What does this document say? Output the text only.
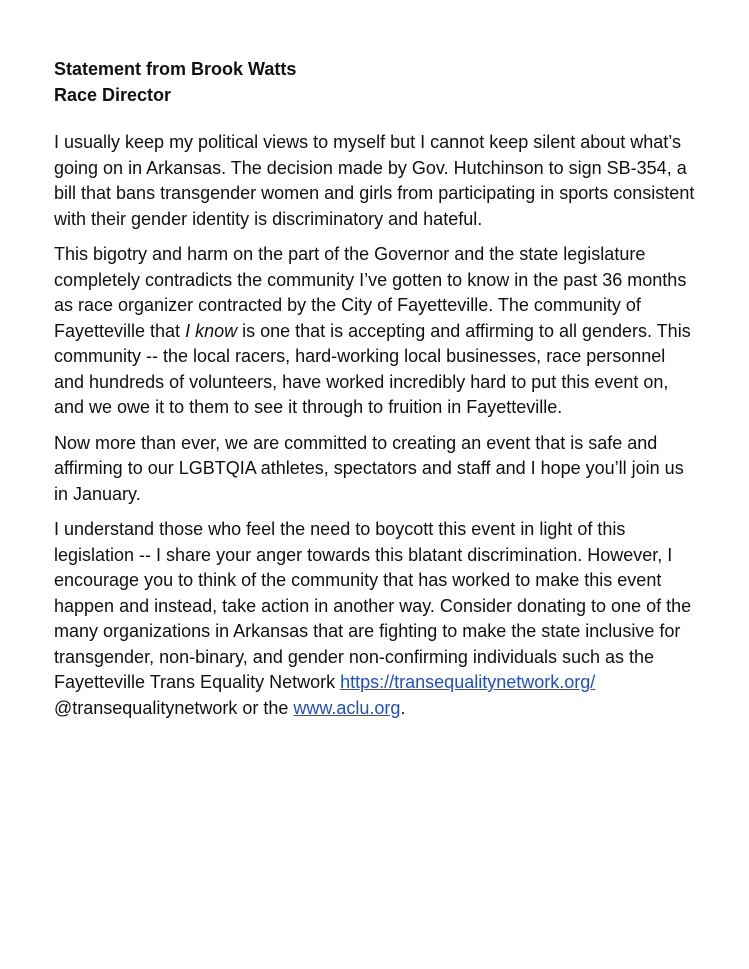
Statement from Brook Watts
Race Director

I usually keep my political views to myself but I cannot keep silent about what’s going on in Arkansas. The decision made by Gov. Hutchinson to sign SB-354, a bill that bans transgender women and girls from participating in sports consistent with their gender identity is discriminatory and hateful.

This bigotry and harm on the part of the Governor and the state legislature completely contradicts the community I’ve gotten to know in the past 36 months as race organizer contracted by the City of Fayetteville. The community of Fayetteville that I know is one that is accepting and affirming to all genders. This community -- the local racers, hard-working local businesses, race personnel and hundreds of volunteers, have worked incredibly hard to put this event on, and we owe it to them to see it through to fruition in Fayetteville.

Now more than ever, we are committed to creating an event that is safe and affirming to our LGBTQIA athletes, spectators and staff and I hope you’ll join us in January.

I understand those who feel the need to boycott this event in light of this legislation -- I share your anger towards this blatant discrimination. However, I encourage you to think of the community that has worked to make this event happen and instead, take action in another way. Consider donating to one of the many organizations in Arkansas that are fighting to make the state inclusive for transgender, non-binary, and gender non-confirming individuals such as the Fayetteville Trans Equality Network https://transequalitynetwork.org/ @transequalitynetwork or the www.aclu.org.
